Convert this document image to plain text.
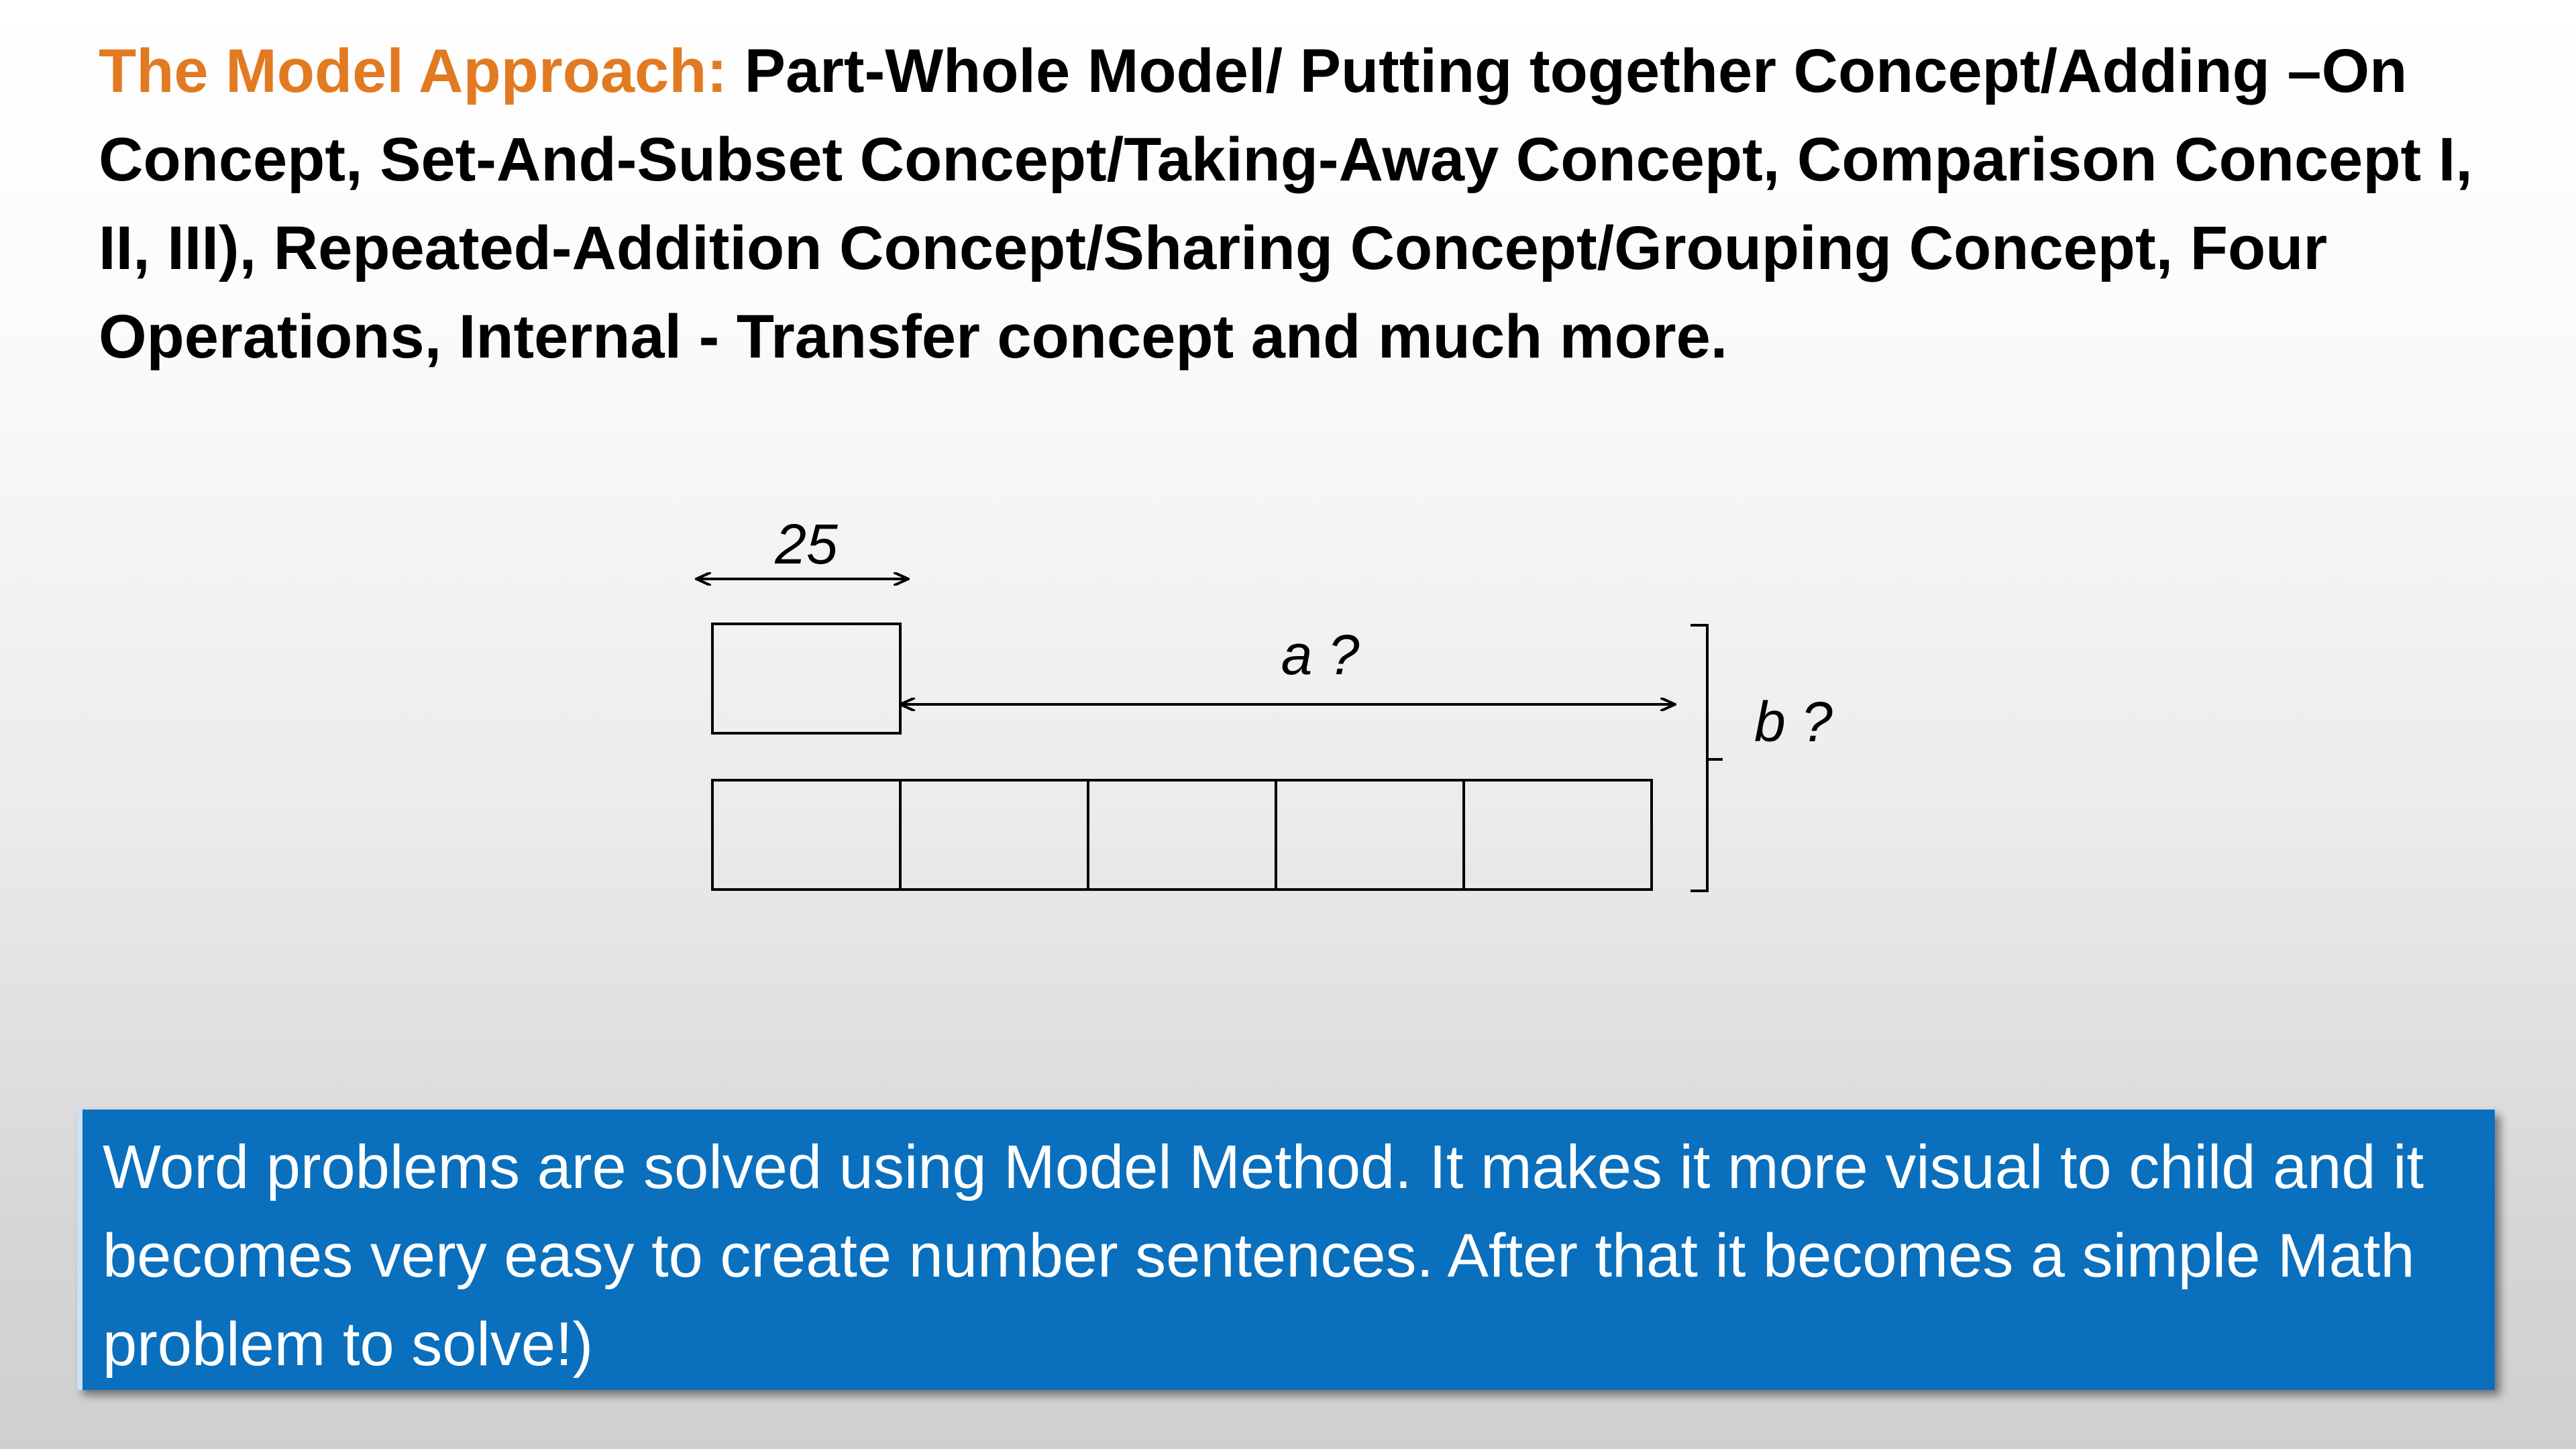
The Model Approach: Part-Whole Model/ Putting together Concept/Adding –On Concept, Set-And-Subset Concept/Taking-Away Concept, Comparison Concept I, II, III), Repeated-Addition Concept/Sharing Concept/Grouping Concept, Four Operations, Internal - Transfer concept and much more.
25
a ?
b ?
Word problems are solved using Model Method. It makes it more visual to child and it becomes very easy to create number sentences. After that it becomes a simple Math problem to solve!)
